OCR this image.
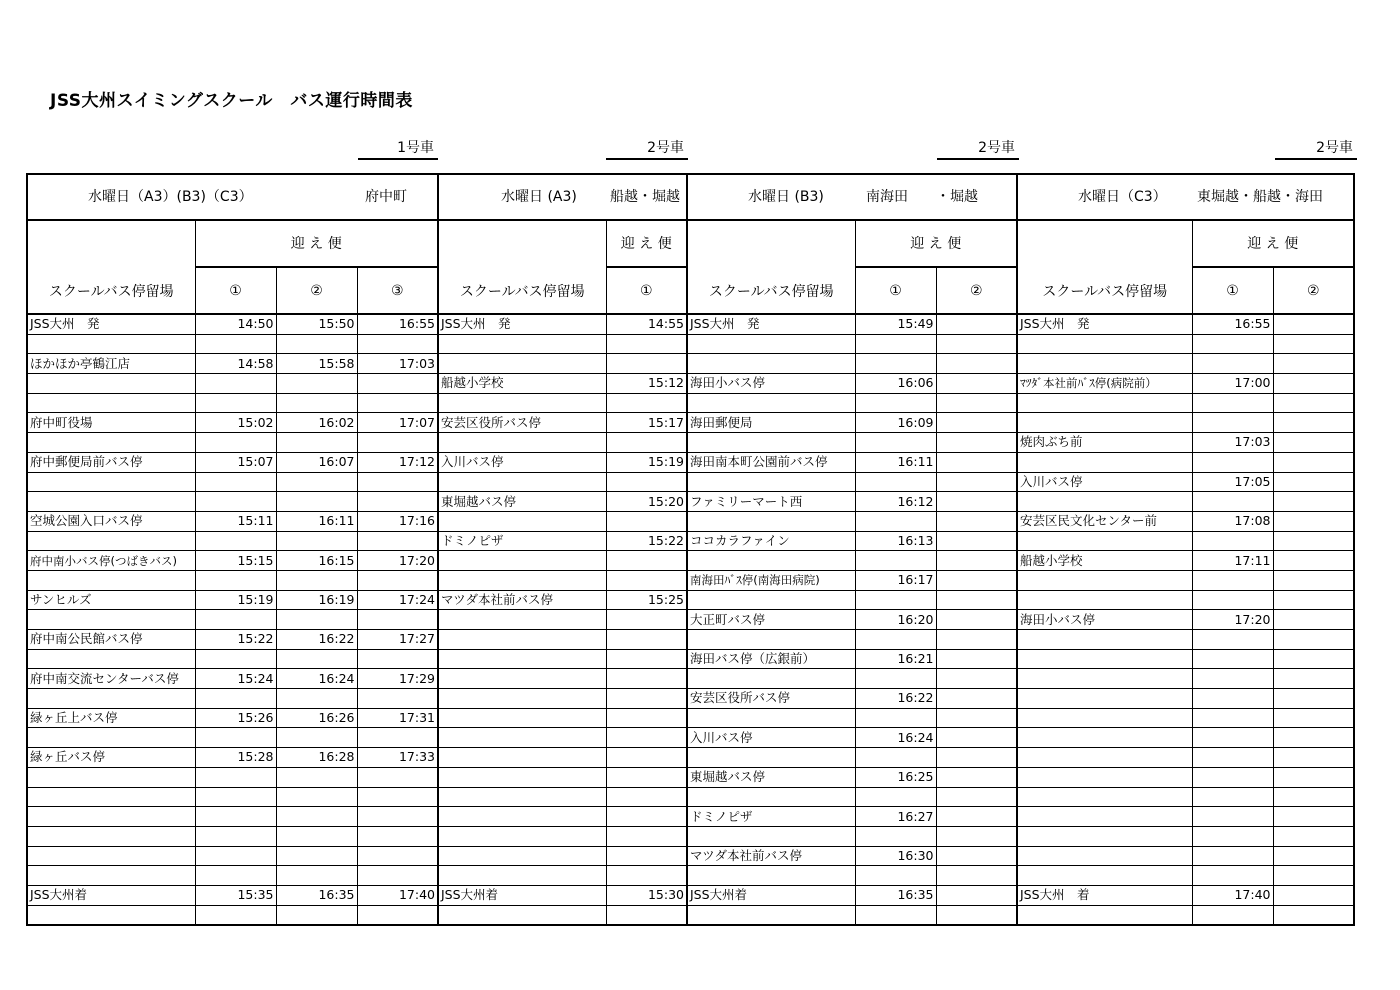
JSS大州スイミングスクール　バス運行時間表
1号車	2号車	2号車	2号車
水曜日（A3）(B3)（C3） 府中町				水曜日 (A3) 船越・堀越		水曜日 (B3) 南海田　　・堀越			水曜日（C3） 東堀越・船越・海田		

スクールバス停留場	迎 え 便			スクールバス停留場	迎 え 便	スクールバス停留場	迎 え 便		スクールバス停留場	迎 え 便	
	①	②	③		①		①	②		①	②
JSS大州　発	14:50	15:50	16:55	JSS大州　発	14:55	JSS大州　発	15:49		JSS大州　発	16:55	

ほかほか亭鶴江店	14:58	15:58	17:03								
				船越小学校	15:12	海田小バス停	16:06		ﾏﾂﾀﾞ本社前ﾊﾞｽ停(病院前）	17:00	

府中町役場	15:02	16:02	17:07	安芸区役所バス停	15:17	海田郵便局	16:09				
									焼肉ぶち前	17:03	
府中郵便局前バス停	15:07	16:07	17:12	入川バス停	15:19	海田南本町公園前バス停	16:11				
									入川バス停	17:05	
				東堀越バス停	15:20	ファミリーマート西	16:12				
空城公園入口バス停	15:11	16:11	17:16						安芸区民文化センター前	17:08	
				ドミノピザ	15:22	ココカラファイン	16:13				
府中南小バス停(つばきバス)	15:15	16:15	17:20						船越小学校	17:11	
						南海田ﾊﾞｽ停(南海田病院)	16:17				
サンヒルズ	15:19	16:19	17:24	マツダ本社前バス停	15:25						
						大正町バス停	16:20		海田小バス停	17:20	
府中南公民館バス停	15:22	16:22	17:27								
						海田バス停（広銀前）	16:21				
府中南交流センターバス停	15:24	16:24	17:29								
						安芸区役所バス停	16:22				
緑ヶ丘上バス停	15:26	16:26	17:31								
						入川バス停	16:24				
緑ヶ丘バス停	15:28	16:28	17:33								
						東堀越バス停	16:25				

						ドミノピザ	16:27				

						マツダ本社前バス停	16:30				

JSS大州着	15:35	16:35	17:40	JSS大州着	15:30	JSS大州着	16:35		JSS大州　着	17:40	
